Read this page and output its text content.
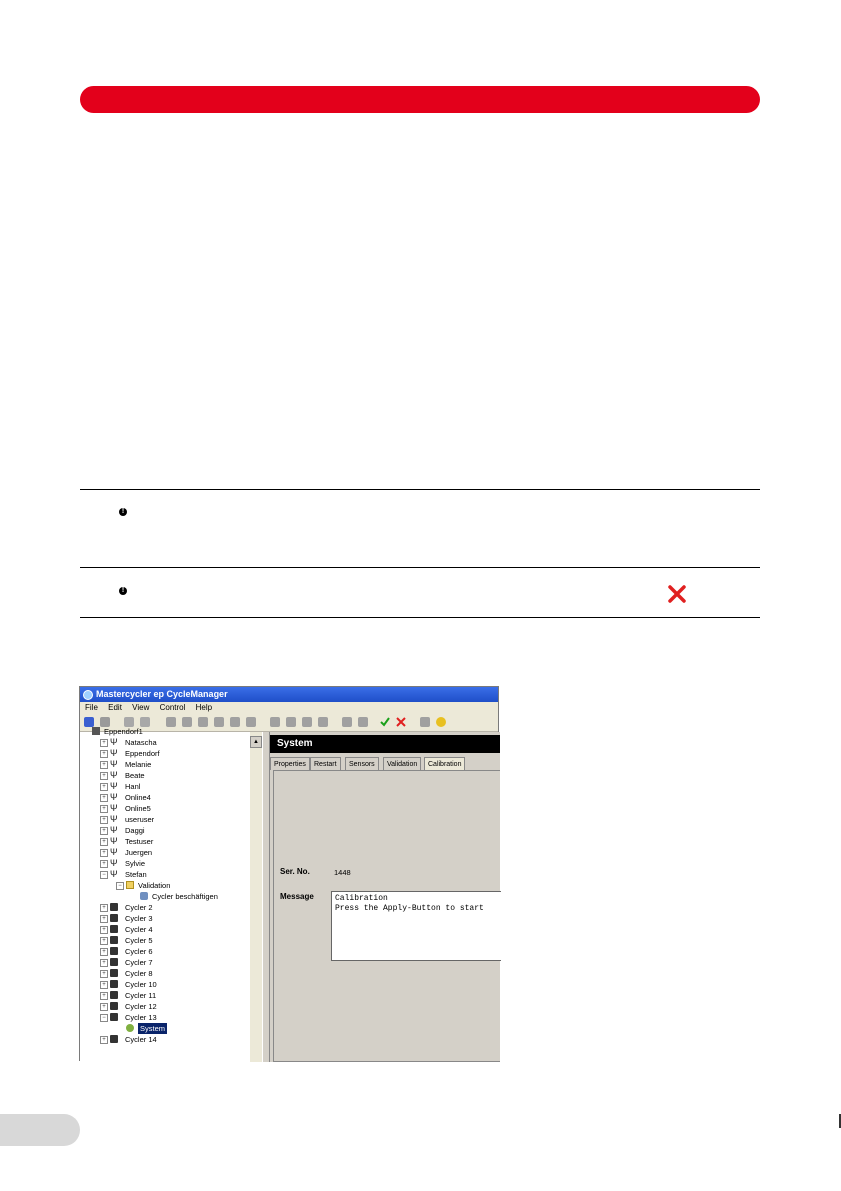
!
!
Mastercycler ep CycleManager
File Edit View Control Help
Eppendorf1
+ Ψ Natascha
+ Ψ Eppendorf
+ Ψ Melanie
+ Ψ Beate
+ Ψ Hanl
+ Ψ Online4
+ Ψ Online5
+ Ψ useruser
+ Ψ Daggi
+ Ψ Testuser
+ Ψ Juergen
+ Ψ Sylvie
− Ψ Stefan
−	Validation
Cycler beschäftigen
+	Cycler 2
+	Cycler 3
+	Cycler 4
+	Cycler 5
+	Cycler 6
+	Cycler 7
+	Cycler 8
+	Cycler 10
+	Cycler 11
+	Cycler 12
−	Cycler 13
System
+	Cycler 14
▲	System
Properties	Restart	Sensors	Validation	Calibration
Ser. No.	1448
Message	Calibration
Press the Apply-Button to start
